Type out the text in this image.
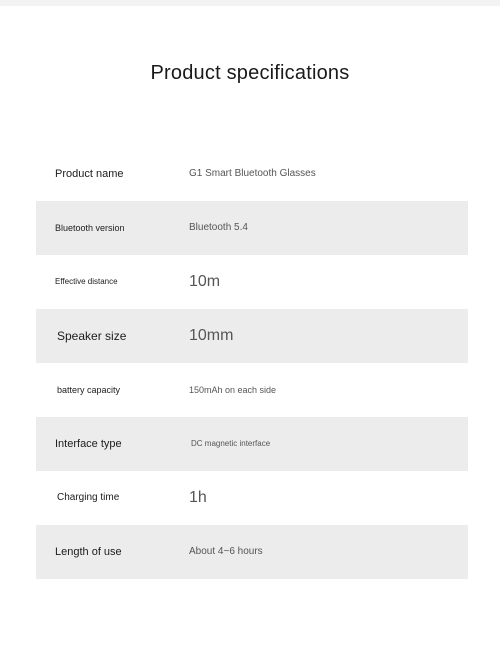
Product specifications
Product name	G1 Smart Bluetooth Glasses
Bluetooth version	Bluetooth 5.4
Effective distance	10m
Speaker size	10mm
battery capacity	150mAh on each side
Interface type	DC magnetic interface
Charging time	1h
Length of use	About 4~6 hours
